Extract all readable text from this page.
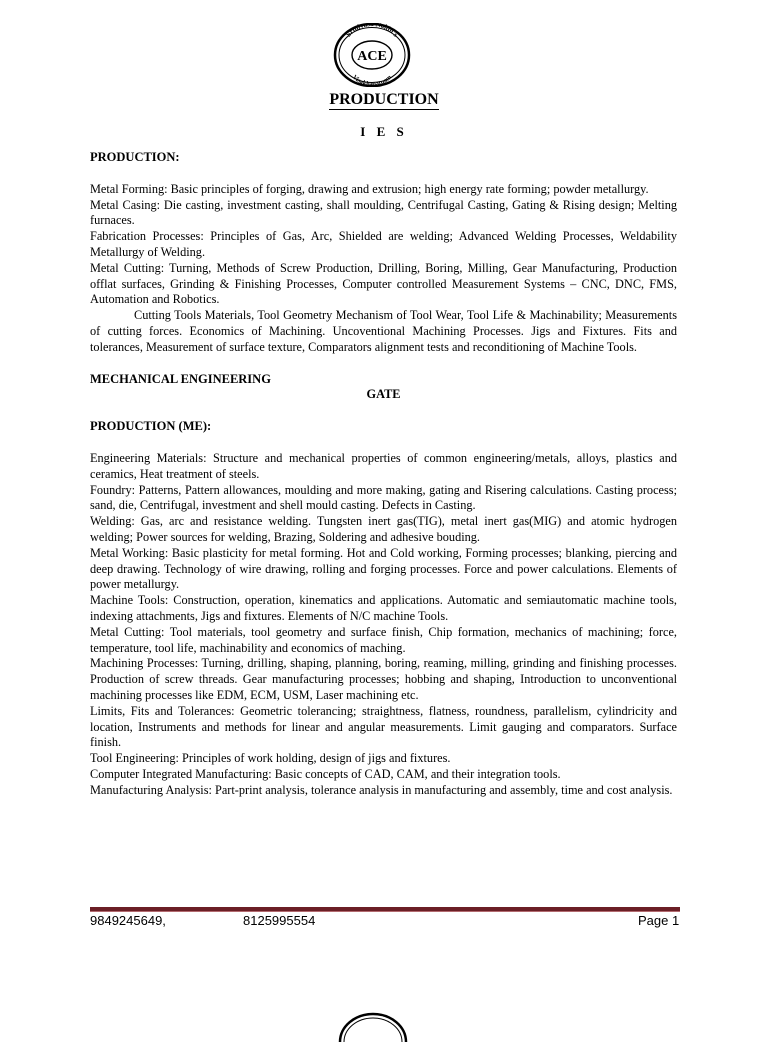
Srinivasa Naidu's
Visakhapatnam
ACE
PRODUCTION
I E S
PRODUCTION:

Metal Forming: Basic principles of forging, drawing and extrusion; high energy rate forming; powder metallurgy.

Metal Casing: Die casting, investment casting, shall moulding, Centrifugal Casting, Gating & Rising design; Melting furnaces.

Fabrication Processes: Principles of Gas, Arc, Shielded are welding; Advanced Welding Processes, Weldability Metallurgy of Welding.

Metal Cutting: Turning, Methods of Screw Production, Drilling, Boring, Milling, Gear Manufacturing, Production offlat surfaces, Grinding & Finishing Processes, Computer controlled Measurement Systems – CNC, DNC, FMS, Automation and Robotics.

Cutting Tools Materials, Tool Geometry Mechanism of Tool Wear, Tool Life & Machinability; Measurements of cutting forces. Economics of Machining. Uncoventional Machining Processes. Jigs and Fixtures. Fits and tolerances, Measurement of surface texture, Comparators alignment tests and reconditioning of Machine Tools.

MECHANICAL ENGINEERING
GATE
PRODUCTION (ME):

Engineering Materials: Structure and mechanical properties of common engineering/metals, alloys, plastics and ceramics, Heat treatment of steels.

Foundry: Patterns, Pattern allowances, moulding and more making, gating and Risering calculations. Casting process; sand, die, Centrifugal, investment and shell mould casting. Defects in Casting.

Welding: Gas, arc and resistance welding. Tungsten inert gas(TIG), metal inert gas(MIG) and atomic hydrogen welding; Power sources for welding, Brazing, Soldering and adhesive bouding.

Metal Working: Basic plasticity for metal forming. Hot and Cold working, Forming processes; blanking, piercing and deep drawing. Technology of wire drawing, rolling and forging processes. Force and power calculations. Elements of power metallurgy.

Machine Tools: Construction, operation, kinematics and applications. Automatic and semiautomatic machine tools, indexing attachments, Jigs and fixtures. Elements of N/C machine Tools.

Metal Cutting: Tool materials, tool geometry and surface finish, Chip formation, mechanics of machining; force, temperature, tool life, machinability and economics of maching.

Machining Processes: Turning, drilling, shaping, planning, boring, reaming, milling, grinding and finishing processes. Production of screw threads. Gear manufacturing processes; hobbing and shaping, Introduction to unconventional machining processes like EDM, ECM, USM, Laser machining etc.

Limits, Fits and Tolerances: Geometric tolerancing; straightness, flatness, roundness, parallelism, cylindricity and location, Instruments and methods for linear and angular measurements. Limit gauging and comparators. Surface finish.

Tool Engineering: Principles of work holding, design of jigs and fixtures.

Computer Integrated Manufacturing: Basic concepts of CAD, CAM, and their integration tools.

Manufacturing Analysis: Part-print analysis, tolerance analysis in manufacturing and assembly, time and cost analysis.

9849245649,	8125995554	Page 1
